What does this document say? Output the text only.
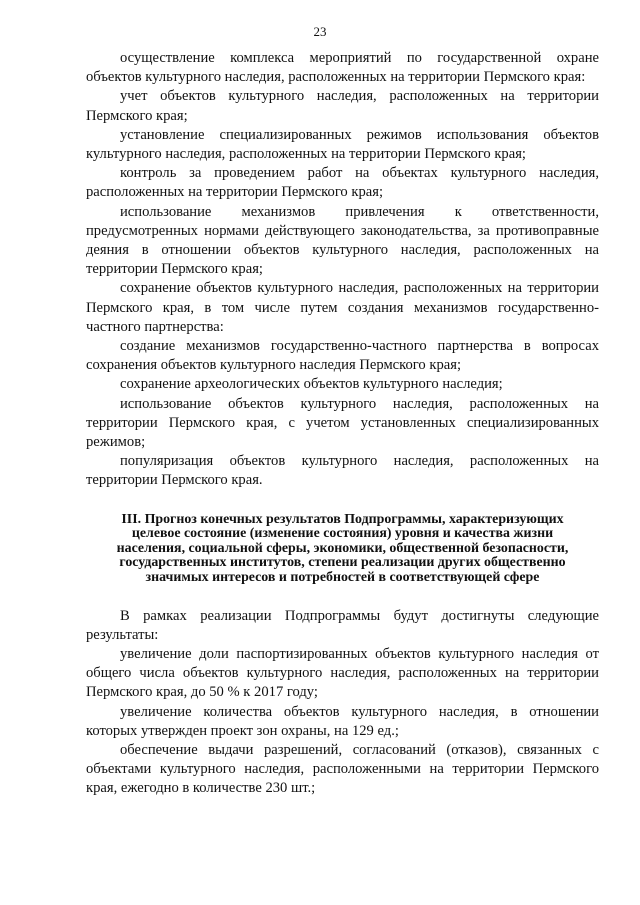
23

осуществление комплекса мероприятий по государственной охране объектов культурного наследия, расположенных на территории Пермского края:

учет объектов культурного наследия, расположенных на территории Пермского края;

установление специализированных режимов использования объектов культурного наследия, расположенных на территории Пермского края;

контроль за проведением работ на объектах культурного наследия, расположенных на территории Пермского края;

использование механизмов привлечения к ответственности, предусмотренных нормами действующего законодательства, за противоправные деяния в отношении объектов культурного наследия, расположенных на территории Пермского края;

сохранение объектов культурного наследия, расположенных на территории Пермского края, в том числе путем создания механизмов государственно-частного партнерства:

создание механизмов государственно-частного партнерства в вопросах сохранения объектов культурного наследия Пермского края;

сохранение археологических объектов культурного наследия;

использование объектов культурного наследия, расположенных на территории Пермского края, с учетом установленных специализированных режимов;

популяризация объектов культурного наследия, расположенных на территории Пермского края.

III. Прогноз конечных результатов Подпрограммы, характеризующих
целевое состояние (изменение состояния) уровня и качества жизни
населения, социальной сферы, экономики, общественной безопасности,
государственных институтов, степени реализации других общественно
значимых интересов и потребностей в соответствующей сфере

В рамках реализации Подпрограммы будут достигнуты следующие результаты:

увеличение доли паспортизированных объектов культурного наследия от общего числа объектов культурного наследия, расположенных на территории Пермского края, до 50 % к 2017 году;

увеличение количества объектов культурного наследия, в отношении которых утвержден проект зон охраны, на 129 ед.;

обеспечение выдачи разрешений, согласований (отказов), связанных с объектами культурного наследия, расположенными на территории Пермского края, ежегодно в количестве 230 шт.;
